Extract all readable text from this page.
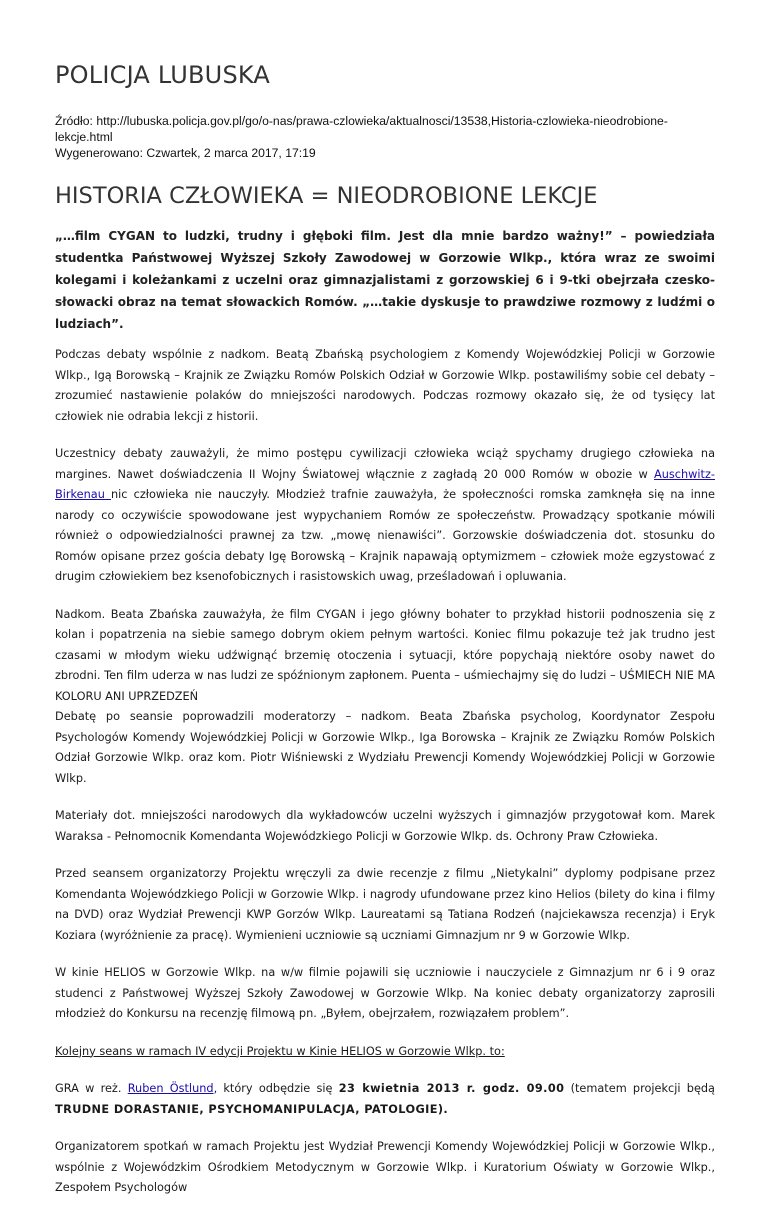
POLICJA LUBUSKA
Źródło: http://lubuska.policja.gov.pl/go/o-nas/prawa-czlowieka/aktualnosci/13538,Historia-czlowieka-nieodrobione-lekcje.html
Wygenerowano: Czwartek, 2 marca 2017, 17:19
HISTORIA CZŁOWIEKA = NIEODROBIONE LEKCJE
„…film CYGAN to ludzki, trudny i głęboki film. Jest dla mnie bardzo ważny!” – powiedziała studentka Państwowej Wyższej Szkoły Zawodowej w Gorzowie Wlkp., która wraz ze swoimi kolegami i koleżankami z uczelni oraz gimnazjalistami z gorzowskiej 6 i 9-tki obejrzała czesko-słowacki obraz na temat słowackich Romów. „…takie dyskusje to prawdziwe rozmowy z ludźmi o ludziach”.

Podczas debaty wspólnie z nadkom. Beatą Zbańską psychologiem z Komendy Wojewódzkiej Policji w Gorzowie Wlkp., Igą Borowską – Krajnik ze Związku Romów Polskich Odział w Gorzowie Wlkp. postawiliśmy sobie cel debaty – zrozumieć nastawienie polaków do mniejszości narodowych. Podczas rozmowy okazało się, że od tysięcy lat człowiek nie odrabia lekcji z historii.

Uczestnicy debaty zauważyli, że mimo postępu cywilizacji człowieka wciąż spychamy drugiego człowieka na margines. Nawet doświadczenia II Wojny Światowej włącznie z zagładą 20 000 Romów w obozie w Auschwitz-Birkenau nic człowieka nie nauczyły. Młodzież trafnie zauważyła, że społeczności romska zamknęła się na inne narody co oczywiście spowodowane jest wypychaniem Romów ze społeczeństw. Prowadzący spotkanie mówili również o odpowiedzialności prawnej za tzw. „mowę nienawiści”. Gorzowskie doświadczenia dot. stosunku do Romów opisane przez gościa debaty Igę Borowską – Krajnik napawają optymizmem – człowiek może egzystować z drugim człowiekiem bez ksenofobicznych i rasistowskich uwag, prześladowań i opluwania.

Nadkom. Beata Zbańska zauważyła, że film CYGAN i jego główny bohater to przykład historii podnoszenia się z kolan i popatrzenia na siebie samego dobrym okiem pełnym wartości. Koniec filmu pokazuje też jak trudno jest czasami w młodym wieku udźwignąć brzemię otoczenia i sytuacji, które popychają niektóre osoby nawet do zbrodni. Ten film uderza w nas ludzi ze spóźnionym zapłonem. Puenta – uśmiechajmy się do ludzi – UŚMIECH NIE MA KOLORU ANI UPRZEDZEŃ
Debatę po seansie poprowadzili moderatorzy – nadkom. Beata Zbańska psycholog, Koordynator Zespołu Psychologów Komendy Wojewódzkiej Policji w Gorzowie Wlkp., Iga Borowska – Krajnik ze Związku Romów Polskich Odział Gorzowie Wlkp. oraz kom. Piotr Wiśniewski z Wydziału Prewencji Komendy Wojewódzkiej Policji w Gorzowie Wlkp.

Materiały dot. mniejszości narodowych dla wykładowców uczelni wyższych i gimnazjów przygotował kom. Marek Waraksa - Pełnomocnik Komendanta Wojewódzkiego Policji w Gorzowie Wlkp. ds. Ochrony Praw Człowieka.

Przed seansem organizatorzy Projektu wręczyli za dwie recenzje z filmu „Nietykalni” dyplomy podpisane przez Komendanta Wojewódzkiego Policji w Gorzowie Wlkp. i nagrody ufundowane przez kino Helios (bilety do kina i filmy na DVD) oraz Wydział Prewencji KWP Gorzów Wlkp. Laureatami są Tatiana Rodzeń (najciekawsza recenzja) i Eryk Koziara (wyróżnienie za pracę). Wymienieni uczniowie są uczniami Gimnazjum nr 9 w Gorzowie Wlkp.

W kinie HELIOS w Gorzowie Wlkp. na w/w filmie pojawili się uczniowie i nauczyciele z Gimnazjum nr 6 i 9 oraz studenci z Państwowej Wyższej Szkoły Zawodowej w Gorzowie Wlkp. Na koniec debaty organizatorzy zaprosili młodzież do Konkursu na recenzję filmową pn. „Byłem, obejrzałem, rozwiązałem problem”.

Kolejny seans w ramach IV edycji Projektu w Kinie HELIOS w Gorzowie Wlkp. to:

GRA w reż. Ruben Östlund, który odbędzie się 23 kwietnia 2013 r. godz. 09.00 (tematem projekcji będą TRUDNE DORASTANIE, PSYCHOMANIPULACJA, PATOLOGIE).

Organizatorem spotkań w ramach Projektu jest Wydział Prewencji Komendy Wojewódzkiej Policji w Gorzowie Wlkp., wspólnie z Wojewódzkim Ośrodkiem Metodycznym w Gorzowie Wlkp. i Kuratorium Oświaty w Gorzowie Wlkp., Zespołem Psychologów
